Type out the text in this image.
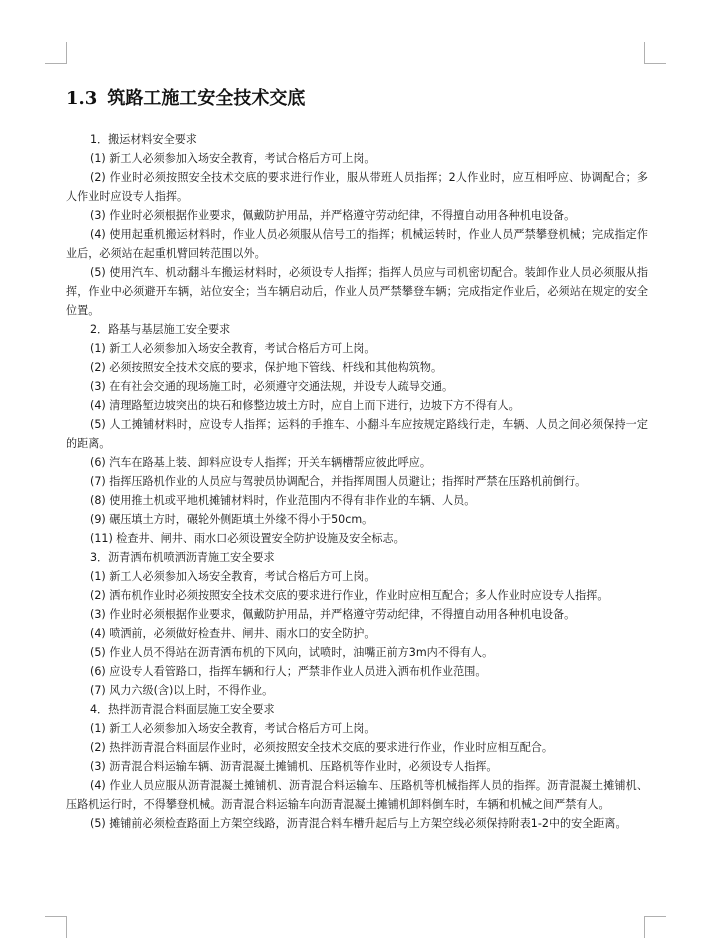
1.3 筑路工施工安全技术交底

1．搬运材料安全要求

(1) 新工人必须参加入场安全教育，考试合格后方可上岗。

(2) 作业时必须按照安全技术交底的要求进行作业，服从带班人员指挥；2人作业时，应互相呼应、协调配合；多人作业时应设专人指挥。

(3) 作业时必须根据作业要求，佩戴防护用品，并严格遵守劳动纪律，不得擅自动用各种机电设备。

(4) 使用起重机搬运材料时，作业人员必须服从信号工的指挥；机械运转时，作业人员严禁攀登机械；完成指定作业后，必须站在起重机臂回转范围以外。

(5) 使用汽车、机动翻斗车搬运材料时，必须设专人指挥；指挥人员应与司机密切配合。装卸作业人员必须服从指挥，作业中必须避开车辆，站位安全；当车辆启动后，作业人员严禁攀登车辆；完成指定作业后，必须站在规定的安全位置。

2．路基与基层施工安全要求

(1) 新工人必须参加入场安全教育，考试合格后方可上岗。

(2) 必须按照安全技术交底的要求，保护地下管线、杆线和其他构筑物。

(3) 在有社会交通的现场施工时，必须遵守交通法规，并设专人疏导交通。

(4) 清理路堑边坡突出的块石和修整边坡土方时，应自上而下进行，边坡下方不得有人。

(5) 人工摊铺材料时，应设专人指挥；运料的手推车、小翻斗车应按规定路线行走，车辆、人员之间必须保持一定的距离。

(6) 汽车在路基上装、卸料应设专人指挥；开关车辆槽帮应彼此呼应。

(7) 指挥压路机作业的人员应与驾驶员协调配合，并指挥周围人员避让；指挥时严禁在压路机前倒行。

(8) 使用推土机或平地机摊铺材料时，作业范围内不得有非作业的车辆、人员。

(9) 碾压填土方时，碾轮外侧距填土外缘不得小于50cm。

(11) 检查井、闸井、雨水口必须设置安全防护设施及安全标志。

3．沥青洒布机喷洒沥青施工安全要求

(1) 新工人必须参加入场安全教育，考试合格后方可上岗。

(2) 洒布机作业时必须按照安全技术交底的要求进行作业，作业时应相互配合；多人作业时应设专人指挥。

(3) 作业时必须根据作业要求，佩戴防护用品，并严格遵守劳动纪律，不得擅自动用各种机电设备。

(4) 喷洒前，必须做好检查井、闸井、雨水口的安全防护。

(5) 作业人员不得站在沥青洒布机的下风向，试喷时，油嘴正前方3m内不得有人。

(6) 应设专人看管路口，指挥车辆和行人；严禁非作业人员进入洒布机作业范围。

(7) 风力六级(含)以上时，不得作业。

4．热拌沥青混合料面层施工安全要求

(1) 新工人必须参加入场安全教育，考试合格后方可上岗。

(2) 热拌沥青混合料面层作业时，必须按照安全技术交底的要求进行作业，作业时应相互配合。

(3) 沥青混合料运输车辆、沥青混凝土摊铺机、压路机等作业时，必须设专人指挥。

(4) 作业人员应服从沥青混凝土摊铺机、沥青混合料运输车、压路机等机械指挥人员的指挥。沥青混凝土摊铺机、压路机运行时，不得攀登机械。沥青混合料运输车向沥青混凝土摊铺机卸料倒车时，车辆和机械之间严禁有人。

(5) 摊铺前必须检查路面上方架空线路，沥青混合料车槽升起后与上方架空线必须保持附表1-2中的安全距离。
